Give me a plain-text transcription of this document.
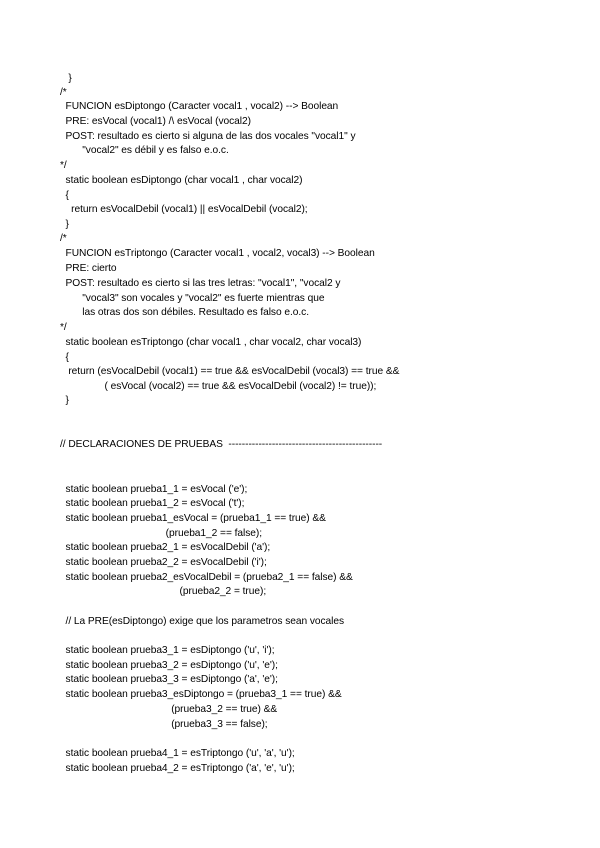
}
/*
FUNCION esDiptongo (Caracter vocal1 , vocal2) --> Boolean
PRE: esVocal (vocal1) /\ esVocal (vocal2)
POST: resultado es cierto si alguna de las dos vocales "vocal1" y
"vocal2" es débil y es falso e.o.c.
*/
static boolean esDiptongo (char vocal1 , char vocal2)
{
return esVocalDebil (vocal1) || esVocalDebil (vocal2);
}
/*
FUNCION esTriptongo (Caracter vocal1 , vocal2, vocal3) --> Boolean
PRE: cierto
POST: resultado es cierto si las tres letras: "vocal1", "vocal2 y
"vocal3" son vocales y "vocal2" es fuerte mientras que
las otras dos son débiles. Resultado es falso e.o.c.
*/
static boolean esTriptongo (char vocal1 , char vocal2, char vocal3)
{
return (esVocalDebil (vocal1) == true && esVocalDebil (vocal3) == true &&
( esVocal (vocal2) == true && esVocalDebil (vocal2) != true));
}
// DECLARACIONES DE PRUEBAS  ----------------------------------------------
static boolean prueba1_1 = esVocal ('e');
static boolean prueba1_2 = esVocal ('t');
static boolean prueba1_esVocal = (prueba1_1 == true) &&
(prueba1_2 == false);
static boolean prueba2_1 = esVocalDebil ('a');
static boolean prueba2_2 = esVocalDebil ('i');
static boolean prueba2_esVocalDebil = (prueba2_1 == false) &&
(prueba2_2 = true);
// La PRE(esDiptongo) exige que los parametros sean vocales
static boolean prueba3_1 = esDiptongo ('u', 'i');
static boolean prueba3_2 = esDiptongo ('u', 'e');
static boolean prueba3_3 = esDiptongo ('a', 'e');
static boolean prueba3_esDiptongo = (prueba3_1 == true) &&
(prueba3_2 == true) &&
(prueba3_3 == false);
static boolean prueba4_1 = esTriptongo ('u', 'a', 'u');
static boolean prueba4_2 = esTriptongo ('a', 'e', 'u');
